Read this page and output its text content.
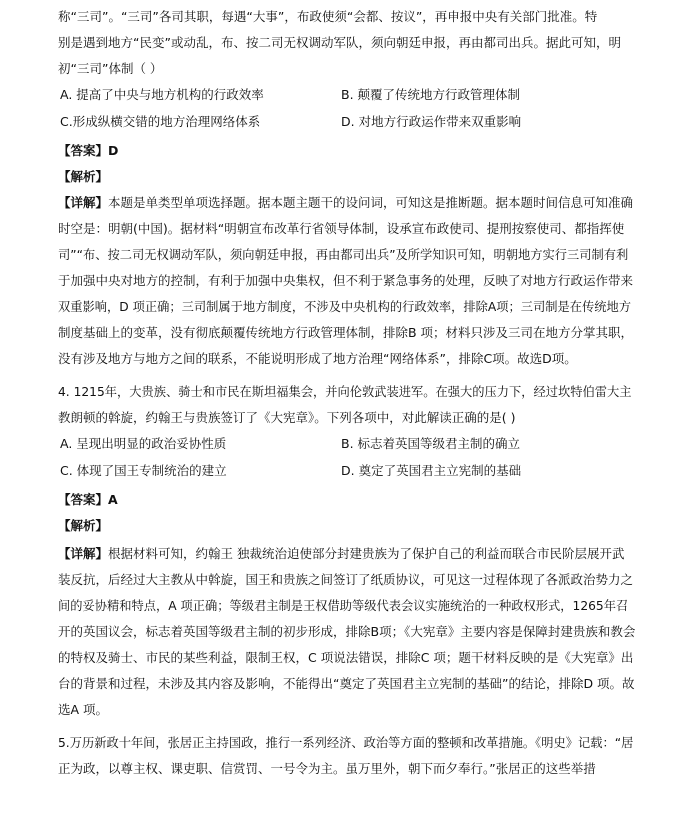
称“三司”。“三司”各司其职，每遇“大事”，布政使须“会都、按议”，再申报中央有关部门批准。特
别是遇到地方“民变”或动乱，布、按二司无权调动军队，须向朝廷申报，再由都司出兵。据此可知，明
初“三司”体制（ ）
A. 提高了中央与地方机构的行政效率	B. 颠覆了传统地方行政管理体制
C.形成纵横交错的地方治理网络体系	D. 对地方行政运作带来双重影响
【答案】D
【解析】
【详解】本题是单类型单项选择题。据本题主题干的设问词，可知这是推断题。据本题时间信息可知准确
时空是：明朝(中国)。据材料“明朝宣布改革行省领导体制，设承宣布政使司、提刑按察使司、都指挥使
司”“布、按二司无权调动军队，须向朝廷申报，再由都司出兵”及所学知识可知，明朝地方实行三司制有利
于加强中央对地方的控制，有利于加强中央集权，但不利于紧急事务的处理，反映了对地方行政运作带来
双重影响，D 项正确；三司制属于地方制度，不涉及中央机构的行政效率，排除A项；三司制是在传统地方
制度基础上的变革，没有彻底颠覆传统地方行政管理体制，排除B 项；材料只涉及三司在地方分掌其职，
没有涉及地方与地方之间的联系，不能说明形成了地方治理“网络体系”，排除C项。故选D项。
4. 1215年，大贵族、骑士和市民在斯坦福集会，并向伦敦武装进军。在强大的压力下，经过坎特伯雷大主
教朗顿的斡旋，约翰王与贵族签订了《大宪章》。下列各项中，对此解读正确的是( )
A. 呈现出明显的政治妥协性质	B. 标志着英国等级君主制的确立
C. 体现了国王专制统治的建立	D. 奠定了英国君主立宪制的基础
【答案】A
【解析】
【详解】根据材料可知，约翰王 独裁统治迫使部分封建贵族为了保护自己的利益而联合市民阶层展开武
装反抗，后经过大主教从中斡旋，国王和贵族之间签订了纸质协议，可见这一过程体现了各派政治势力之
间的妥协精和特点，A 项正确；等级君主制是王权借助等级代表会议实施统治的一种政权形式，1265年召
开的英国议会，标志着英国等级君主制的初步形成，排除B项；《大宪章》主要内容是保障封建贵族和教会
的特权及骑士、市民的某些利益，限制王权，C 项说法错误，排除C 项；题干材料反映的是《大宪章》出
台的背景和过程，未涉及其内容及影响，不能得出“奠定了英国君主立宪制的基础”的结论，排除D 项。故
选A 项。
5.万历新政十年间，张居正主持国政，推行一系列经济、政治等方面的整顿和改革措施。《明史》记载：“居
正为政，以尊主权、课吏职、信赏罚、一号令为主。虽万里外，朝下而夕奉行。”张居正的这些举措
